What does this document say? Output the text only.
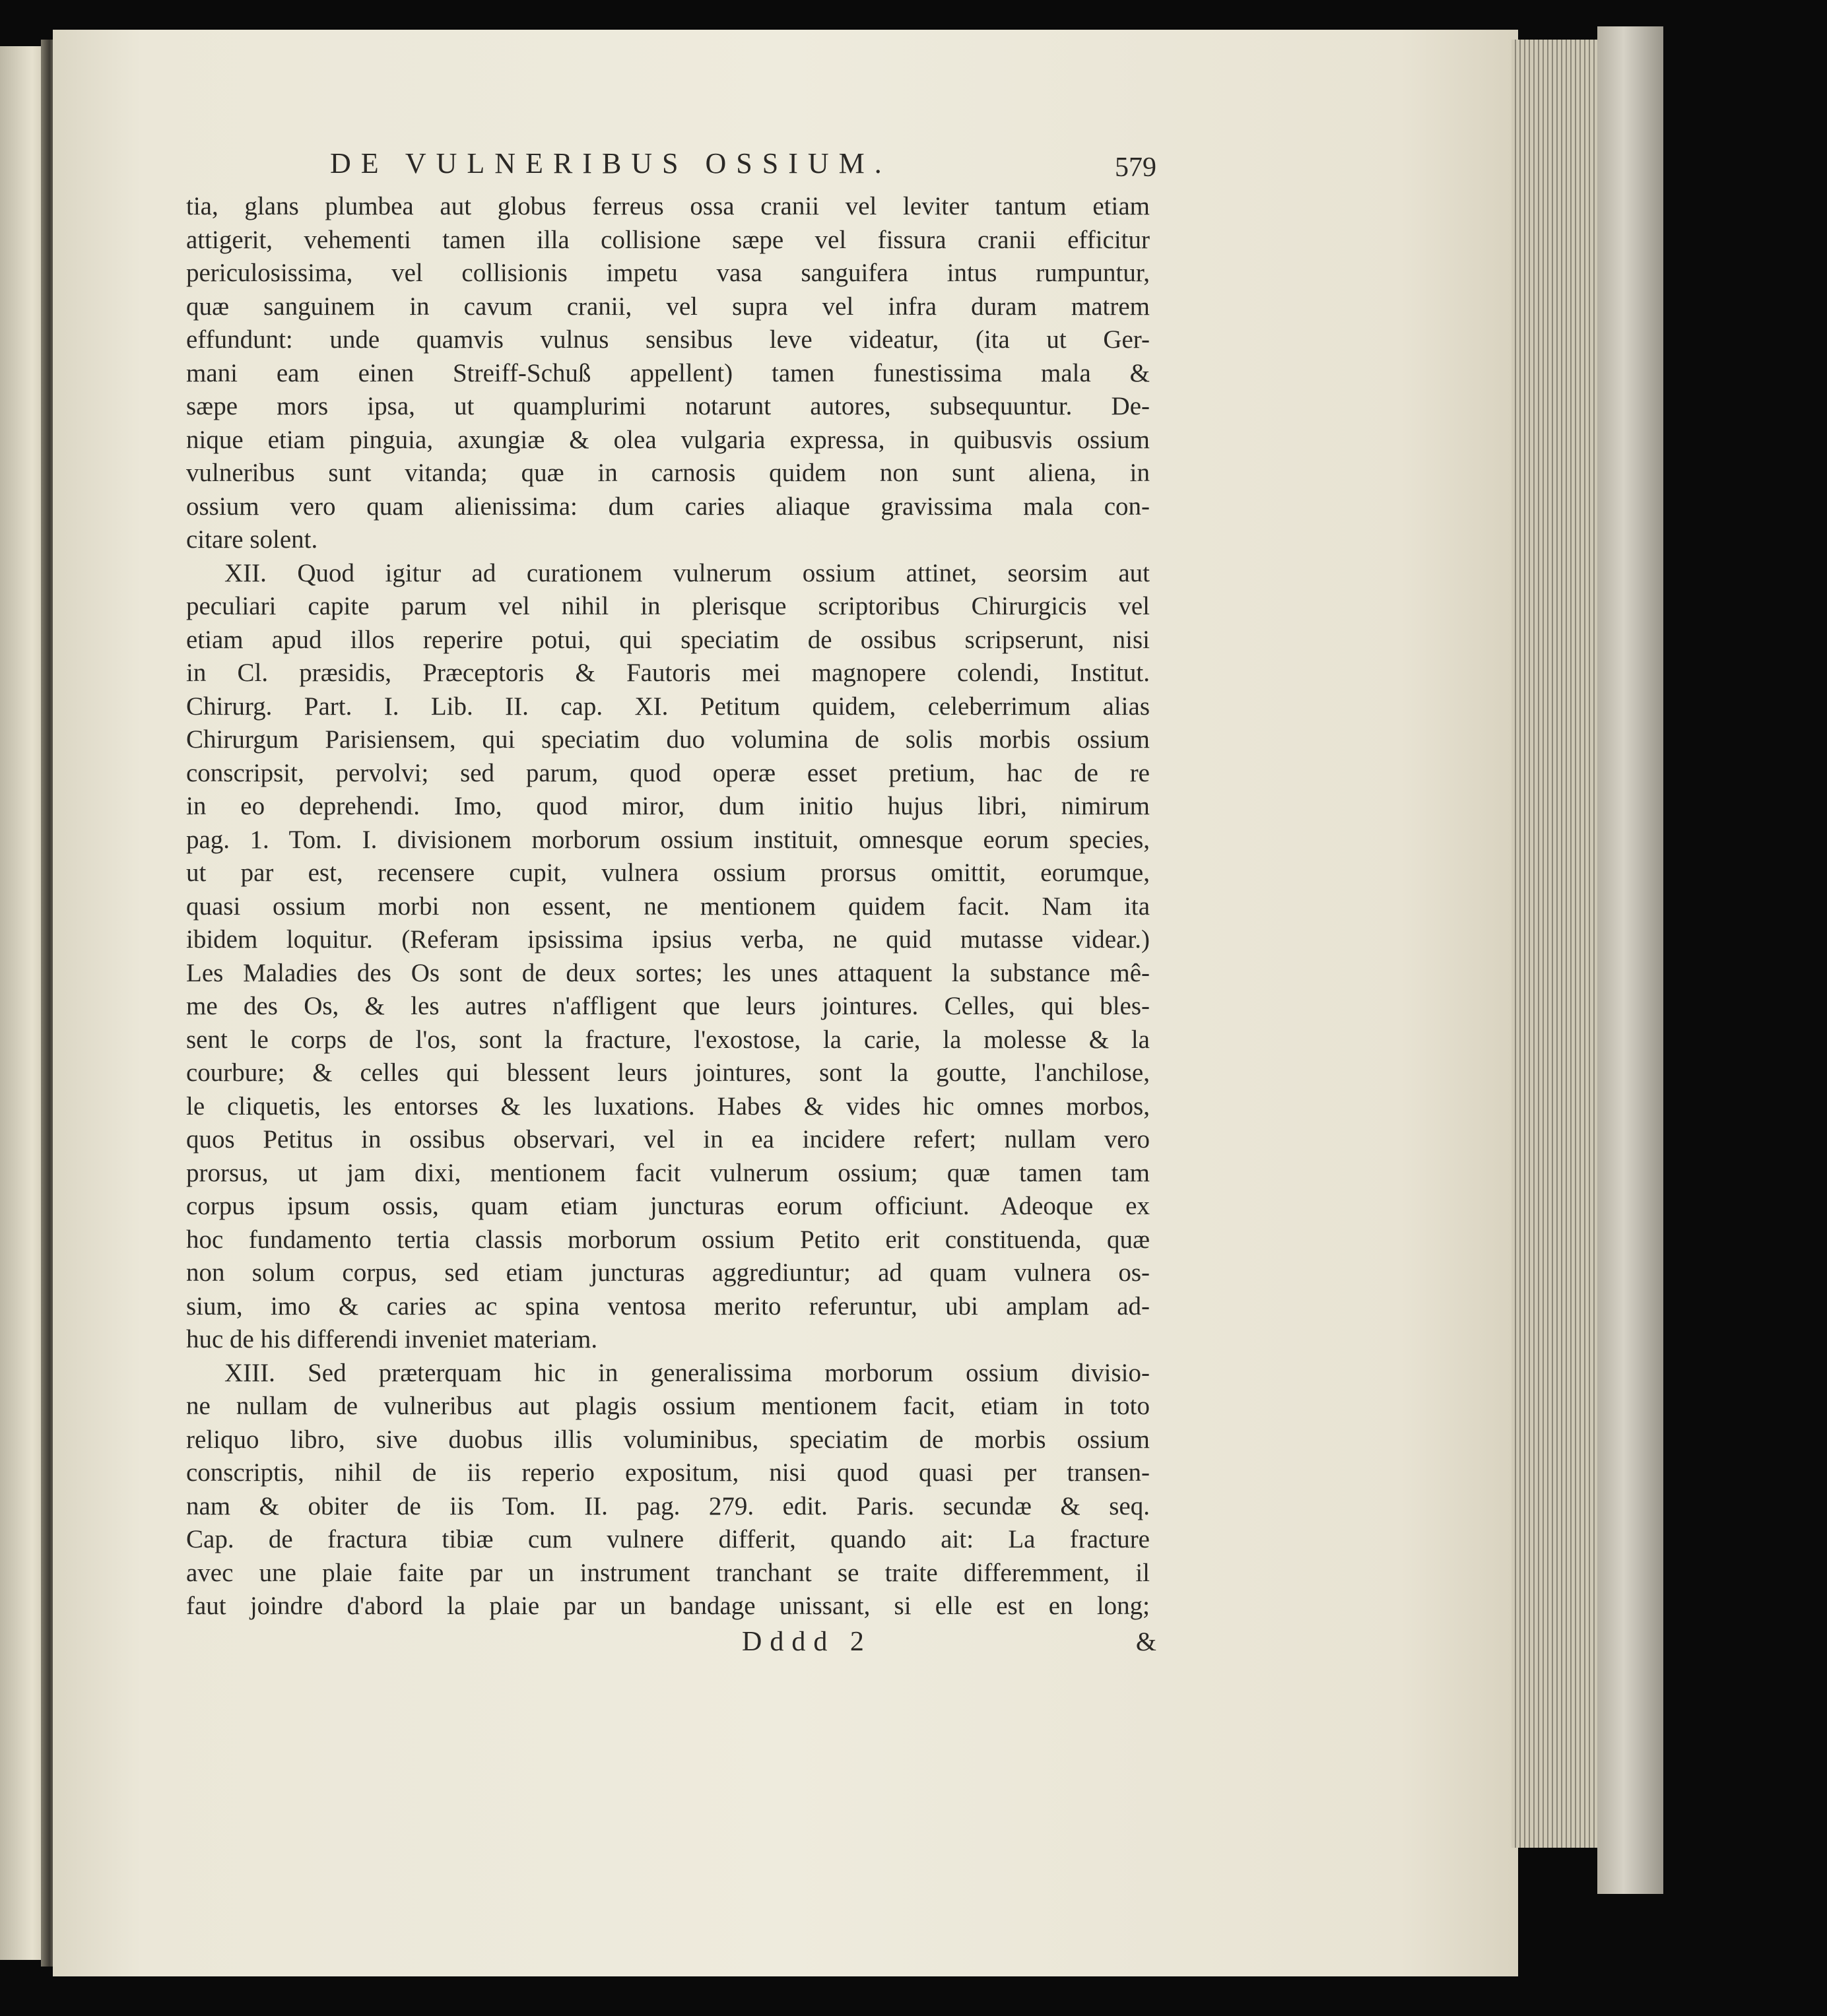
DE VULNERIBUS OSSIUM.	579
tia, glans plumbea aut globus ferreus ossa cranii vel leviter tantum etiam
attigerit, vehementi tamen illa collisione sæpe vel fissura cranii efficitur
periculosissima, vel collisionis impetu vasa sanguifera intus rumpuntur,
quæ sanguinem in cavum cranii, vel supra vel infra duram matrem
effundunt: unde quamvis vulnus sensibus leve videatur, (ita ut Ger-
mani eam einen Streiff-Schuß appellent) tamen funestissima mala &
sæpe mors ipsa, ut quamplurimi notarunt autores, subsequuntur. De-
nique etiam pinguia, axungiæ & olea vulgaria expressa, in quibusvis ossium
vulneribus sunt vitanda; quæ in carnosis quidem non sunt aliena, in
ossium vero quam alienissima: dum caries aliaque gravissima mala con-
citare solent.
XII. Quod igitur ad curationem vulnerum ossium attinet, seorsim aut
peculiari capite parum vel nihil in plerisque scriptoribus Chirurgicis vel
etiam apud illos reperire potui, qui speciatim de ossibus scripserunt, nisi
in Cl. præsidis, Præceptoris & Fautoris mei magnopere colendi, Institut.
Chirurg. Part. I. Lib. II. cap. XI. Petitum quidem, celeberrimum alias
Chirurgum Parisiensem, qui speciatim duo volumina de solis morbis ossium
conscripsit, pervolvi; sed parum, quod operæ esset pretium, hac de re
in eo deprehendi. Imo, quod miror, dum initio hujus libri, nimirum
pag. 1. Tom. I. divisionem morborum ossium instituit, omnesque eorum species,
ut par est, recensere cupit, vulnera ossium prorsus omittit, eorumque,
quasi ossium morbi non essent, ne mentionem quidem facit. Nam ita
ibidem loquitur. (Referam ipsissima ipsius verba, ne quid mutasse videar.)
Les Maladies des Os sont de deux sortes; les unes attaquent la substance mê-
me des Os, & les autres n'affligent que leurs jointures. Celles, qui bles-
sent le corps de l'os, sont la fracture, l'exostose, la carie, la molesse & la
courbure; & celles qui blessent leurs jointures, sont la goutte, l'anchilose,
le cliquetis, les entorses & les luxations. Habes & vides hic omnes morbos,
quos Petitus in ossibus observari, vel in ea incidere refert; nullam vero
prorsus, ut jam dixi, mentionem facit vulnerum ossium; quæ tamen tam
corpus ipsum ossis, quam etiam juncturas eorum officiunt. Adeoque ex
hoc fundamento tertia classis morborum ossium Petito erit constituenda, quæ
non solum corpus, sed etiam juncturas aggrediuntur; ad quam vulnera os-
sium, imo & caries ac spina ventosa merito referuntur, ubi amplam ad-
huc de his differendi inveniet materiam.
XIII. Sed præterquam hic in generalissima morborum ossium divisio-
ne nullam de vulneribus aut plagis ossium mentionem facit, etiam in toto
reliquo libro, sive duobus illis voluminibus, speciatim de morbis ossium
conscriptis, nihil de iis reperio expositum, nisi quod quasi per transen-
nam & obiter de iis Tom. II. pag. 279. edit. Paris. secundæ & seq.
Cap. de fractura tibiæ cum vulnere differit, quando ait: La fracture
avec une plaie faite par un instrument tranchant se traite differemment, il
faut joindre d'abord la plaie par un bandage unissant, si elle est en long;
Dddd 2	&
